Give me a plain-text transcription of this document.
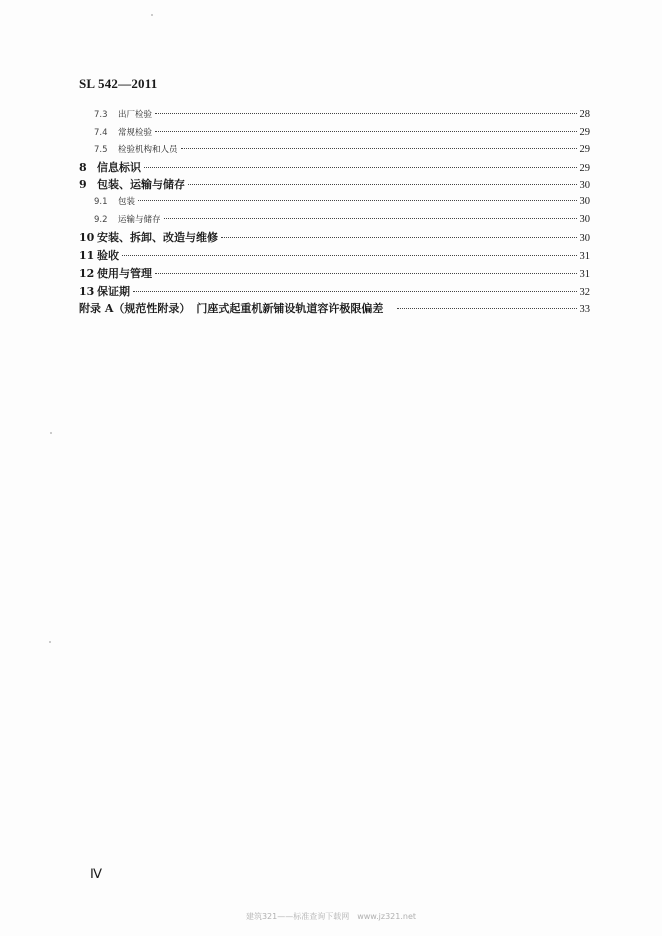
SL 542—2011
7.3	出厂检验	28
7.4	常规检验	29
7.5	检验机构和人员	29
8 信息标识	29
9 包装、运输与储存	30
9.1	包装	30
9.2	运输与储存	30
10 安装、拆卸、改造与维修	30
11 验收	31
12 使用与管理	31
13 保证期	32
附录 A（规范性附录） 门座式起重机新铺设轨道容许极限偏差	33
Ⅳ
建筑321——标准查询下载网　www.jz321.net
